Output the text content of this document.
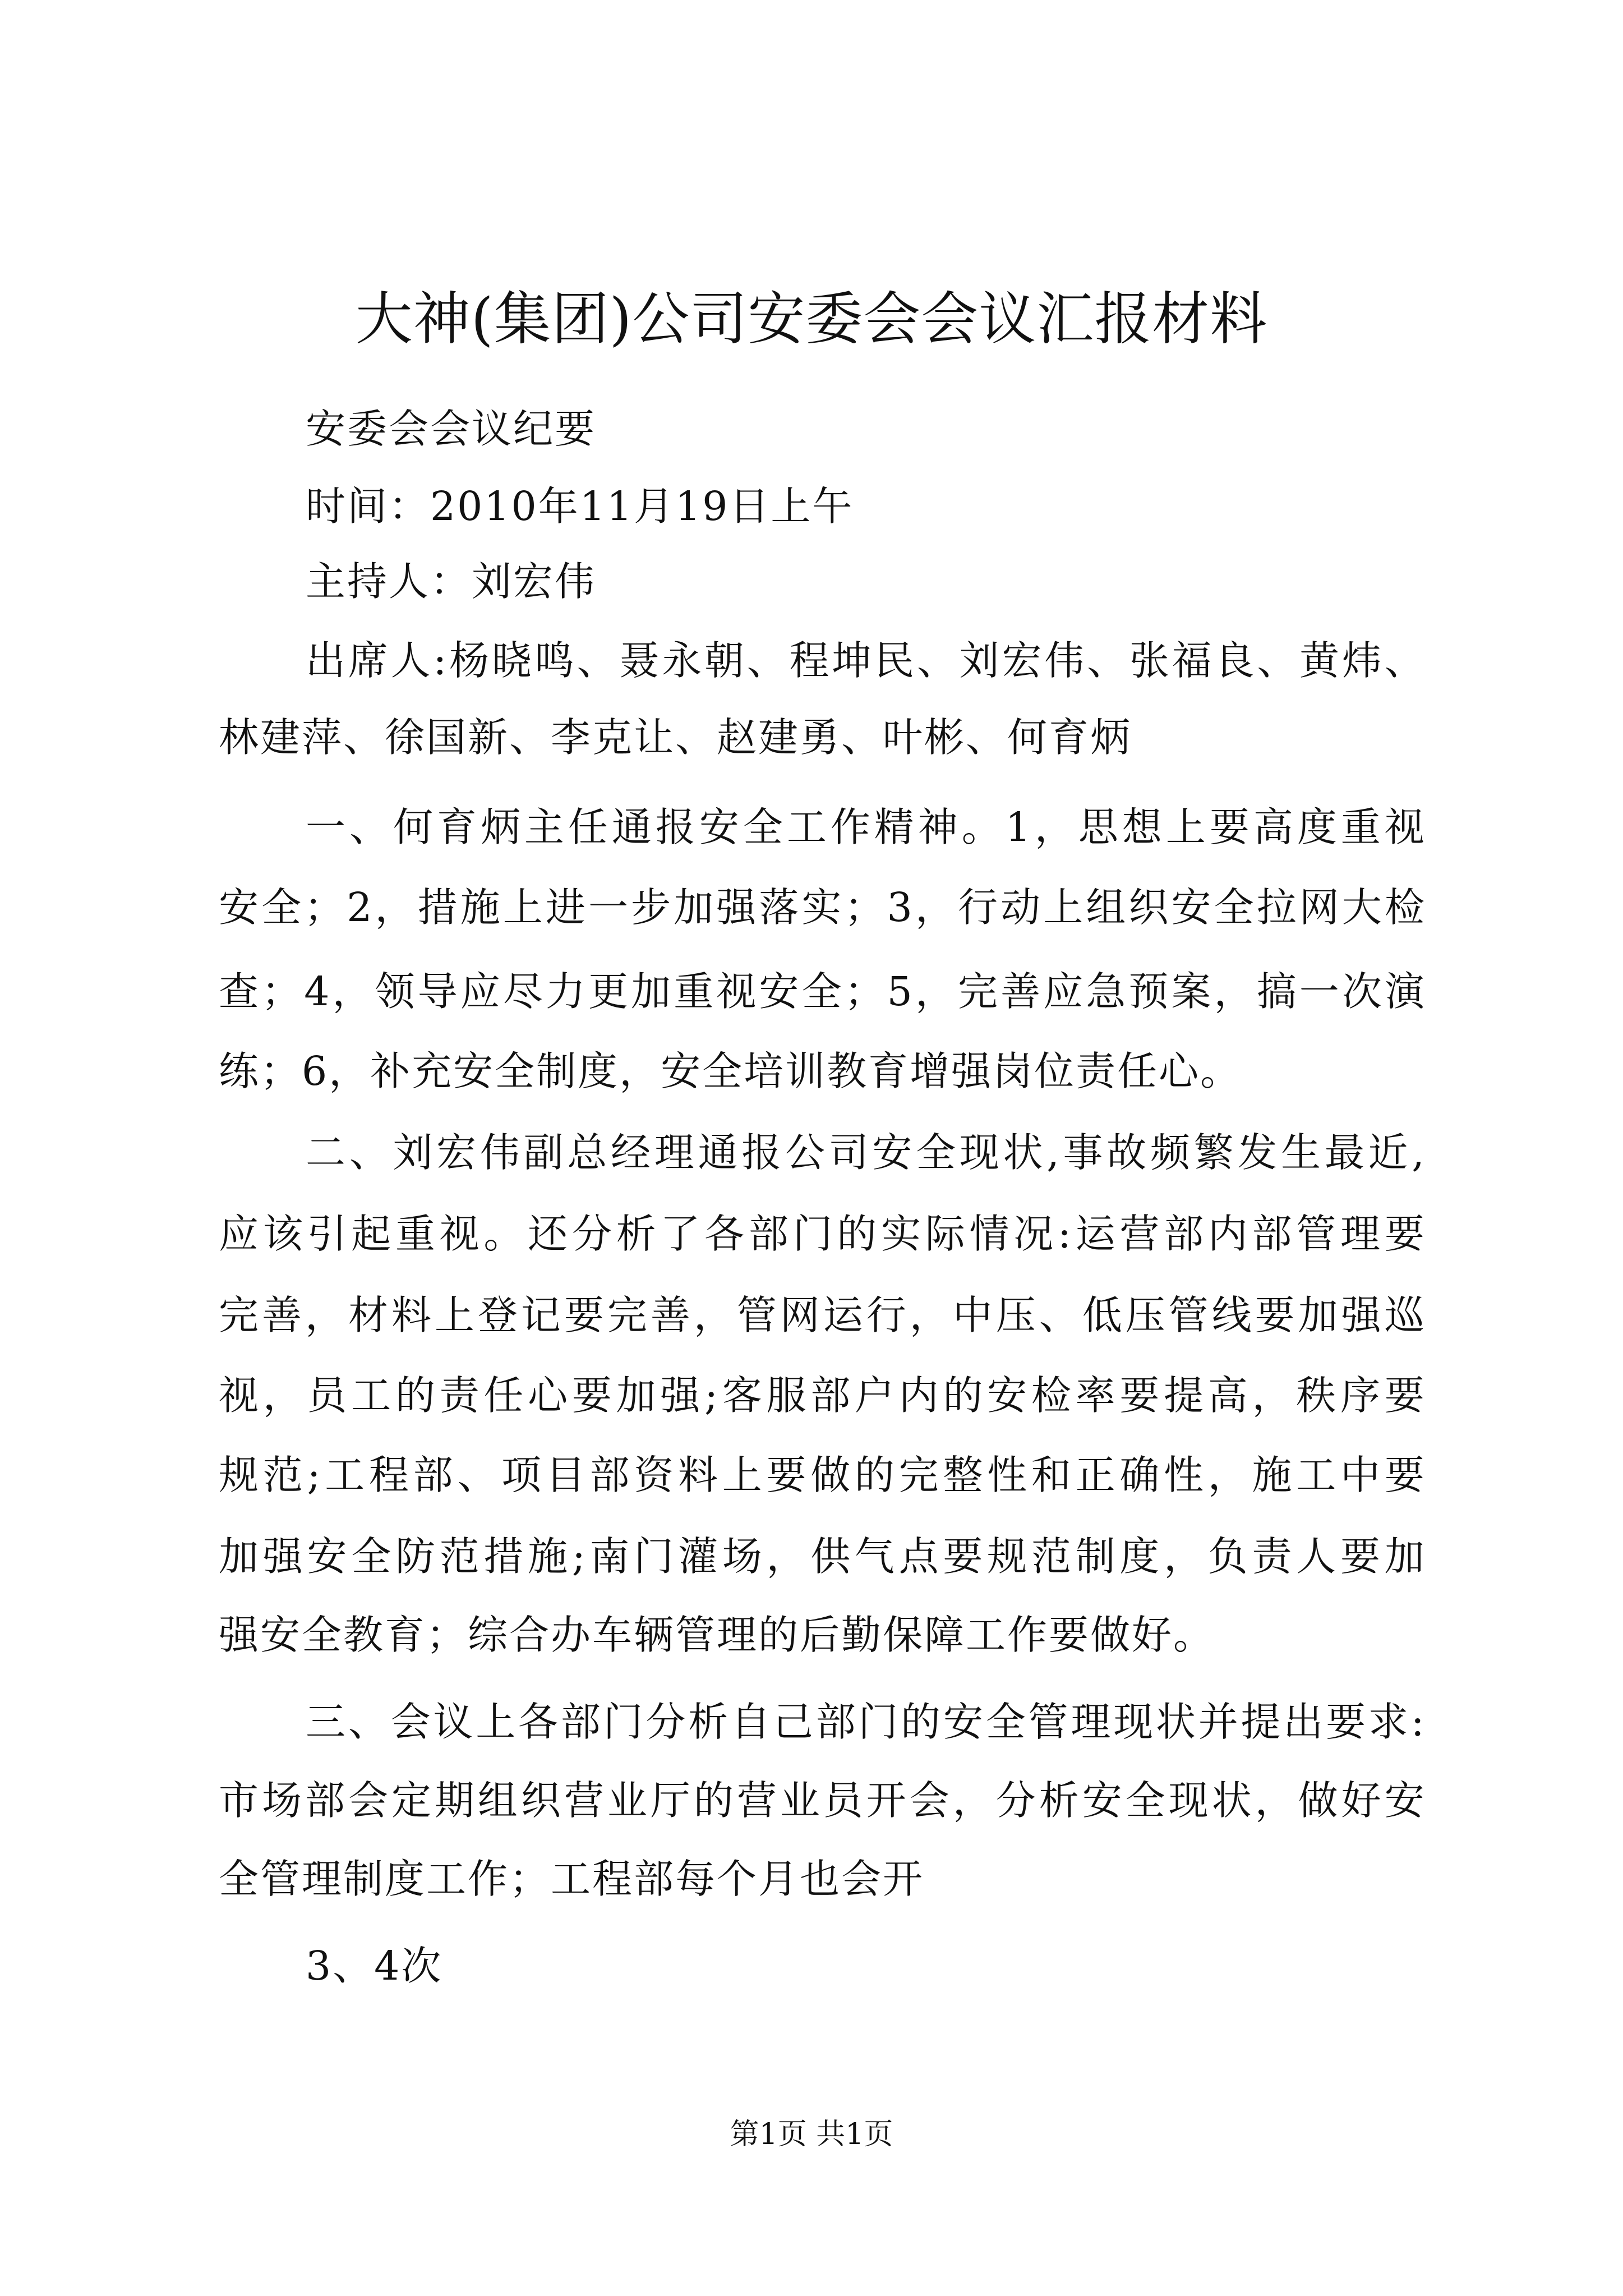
大神(集团)公司安委会会议汇报材料
安委会会议纪要
时间：2010年11月19日上午
主持人：刘宏伟
出 席 人 : 杨 晓 鸣 、 聂 永 朝 、 程 坤 民 、 刘 宏 伟 、 张 福 良 、 黄 炜 、
林建萍、徐国新、李克让、赵建勇、叶彬、何育炳
一 、 何 育 炳 主 任 通 报 安 全 工 作 精 神 。 1 ， 思 想 上 要 高 度 重 视
安 全 ； 2 ， 措 施 上 进 一 步 加 强 落 实 ； 3 ， 行 动 上 组 织 安 全 拉 网 大 检
查 ； 4 ， 领 导 应 尽 力 更 加 重 视 安 全 ； 5 ， 完 善 应 急 预 案 ， 搞 一 次 演
练；6，补充安全制度，安全培训教育增强岗位责任心。
二 、 刘 宏 伟 副 总 经 理 通 报 公 司 安 全 现 状 , 事 故 频 繁 发 生 最 近 ,
应 该 引 起 重 视 。 还 分 析 了 各 部 门 的 实 际 情 况 : 运 营 部 内 部 管 理 要
完 善 ， 材 料 上 登 记 要 完 善 ， 管 网 运 行 ， 中 压 、 低 压 管 线 要 加 强 巡
视 ， 员 工 的 责 任 心 要 加 强 ; 客 服 部 户 内 的 安 检 率 要 提 高 ， 秩 序 要
规 范 ; 工 程 部 、 项 目 部 资 料 上 要 做 的 完 整 性 和 正 确 性 ， 施 工 中 要
加 强 安 全 防 范 措 施 ; 南 门 灌 场 ， 供 气 点 要 规 范 制 度 ， 负 责 人 要 加
强安全教育；综合办车辆管理的后勤保障工作要做好。
三 、 会 议 上 各 部 门 分 析 自 己 部 门 的 安 全 管 理 现 状 并 提 出 要 求 :
市 场 部 会 定 期 组 织 营 业 厅 的 营 业 员 开 会 ， 分 析 安 全 现 状 ， 做 好 安
全管理制度工作；工程部每个月也会开
3、4次
第1页 共1页
